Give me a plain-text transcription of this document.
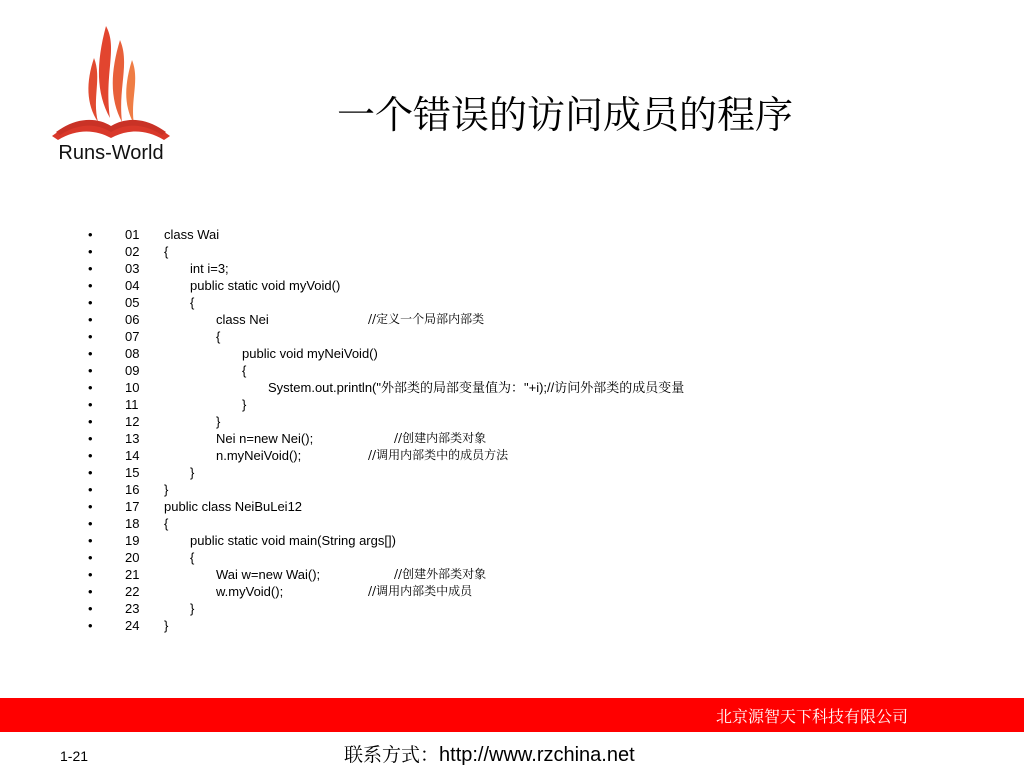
Runs-World
一个错误的访问成员的程序
•	01	class Wai
•	02	{
•	03	int i=3;
•	04	public static void myVoid()
•	05	{
•	06	class Nei	//定义一个局部内部类
•	07	{
•	08	public void myNeiVoid()
•	09	{
•	10	System.out.println("外部类的局部变量值为："+i);//访问外部类的成员变量
•	11	}
•	12	}
•	13	Nei n=new Nei();	//创建内部类对象
•	14	n.myNeiVoid();	//调用内部类中的成员方法
•	15	}
•	16	}
•	17	public class NeiBuLei12
•	18	{
•	19	public static void main(String args[])
•	20	{
•	21	Wai w=new Wai();	//创建外部类对象
•	22	w.myVoid();	//调用内部类中成员
•	23	}
•	24	}
北京源智天下科技有限公司
1-21	联系方式：http://www.rzchina.net
